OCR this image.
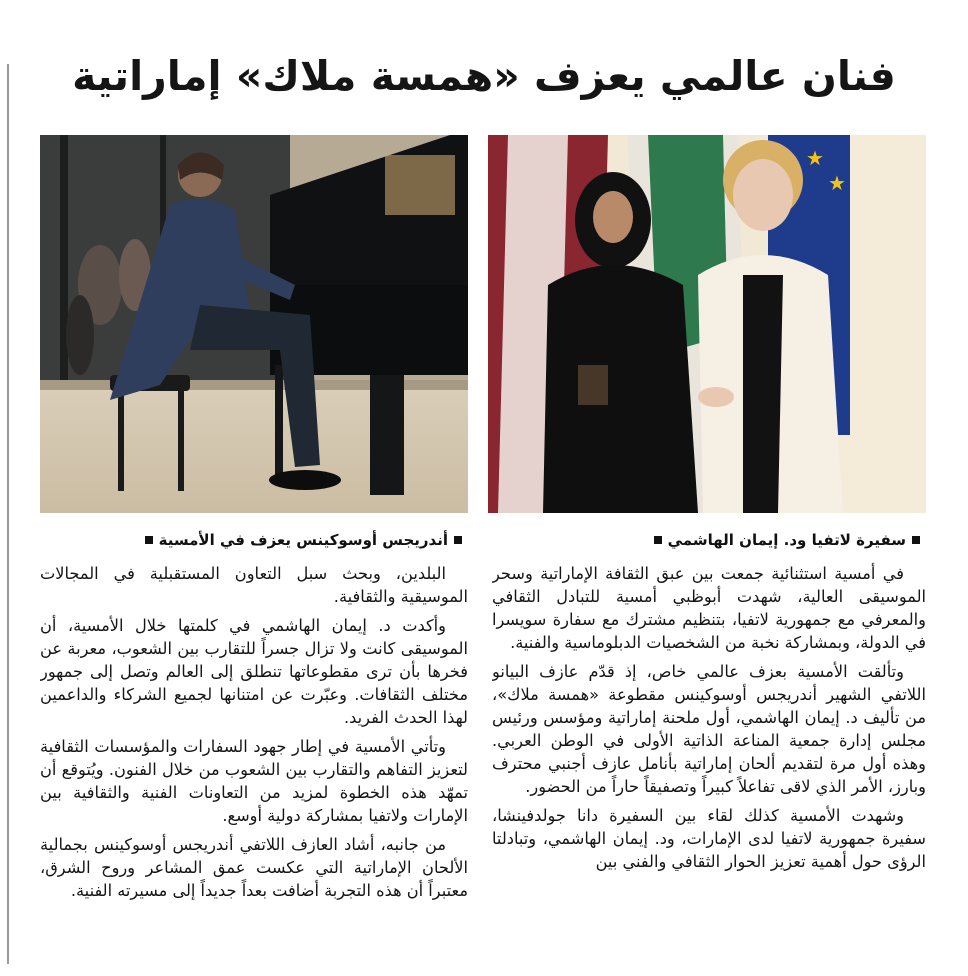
فنان عالمي يعزف «همسة ملاك» إماراتية
★
★
أندريجس أوسوكينس يعزف في الأمسية	سفيرة لاتفيا ود. إيمان الهاشمي

في أمسية استثنائية جمعت بين عبق الثقافة الإماراتية وسحر الموسيقى العالية، شهدت أبوظبي أمسية للتبادل الثقافي والمعرفي مع جمهورية لاتفيا، بتنظيم مشترك مع سفارة سويسرا في الدولة، وبمشاركة نخبة من الشخصيات الدبلوماسية والفنية.

وتألقت الأمسية بعزف عالمي خاص، إذ قدّم عازف البيانو اللاتفي الشهير أندريجس أوسوكينس مقطوعة «همسة ملاك»، من تأليف د. إيمان الهاشمي، أول ملحنة إماراتية ومؤسس ورئيس مجلس إدارة جمعية المناعة الذاتية الأولى في الوطن العربي. وهذه أول مرة لتقديم ألحان إماراتية بأنامل عازف أجنبي محترف وبارز، الأمر الذي لاقى تفاعلاً كبيراً وتصفيقاً حاراً من الحضور.

وشهدت الأمسية كذلك لقاء بين السفيرة دانا جولدفينشا، سفيرة جمهورية لاتفيا لدى الإمارات، ود. إيمان الهاشمي، وتبادلتا الرؤى حول أهمية تعزيز الحوار الثقافي والفني بين

البلدين، وبحث سبل التعاون المستقبلية في المجالات الموسيقية والثقافية.

وأكدت د. إيمان الهاشمي في كلمتها خلال الأمسية، أن الموسيقى كانت ولا تزال جسراً للتقارب بين الشعوب، معربة عن فخرها بأن ترى مقطوعاتها تنطلق إلى العالم وتصل إلى جمهور مختلف الثقافات. وعبّرت عن امتنانها لجميع الشركاء والداعمين لهذا الحدث الفريد.

وتأتي الأمسية في إطار جهود السفارات والمؤسسات الثقافية لتعزيز التفاهم والتقارب بين الشعوب من خلال الفنون. ويُتوقع أن تمهّد هذه الخطوة لمزيد من التعاونات الفنية والثقافية بين الإمارات ولاتفيا بمشاركة دولية أوسع.

من جانبه، أشاد العازف اللاتفي أندريجس أوسوكينس بجمالية الألحان الإماراتية التي عكست عمق المشاعر وروح الشرق، معتبراً أن هذه التجربة أضافت بعداً جديداً إلى مسيرته الفنية.
